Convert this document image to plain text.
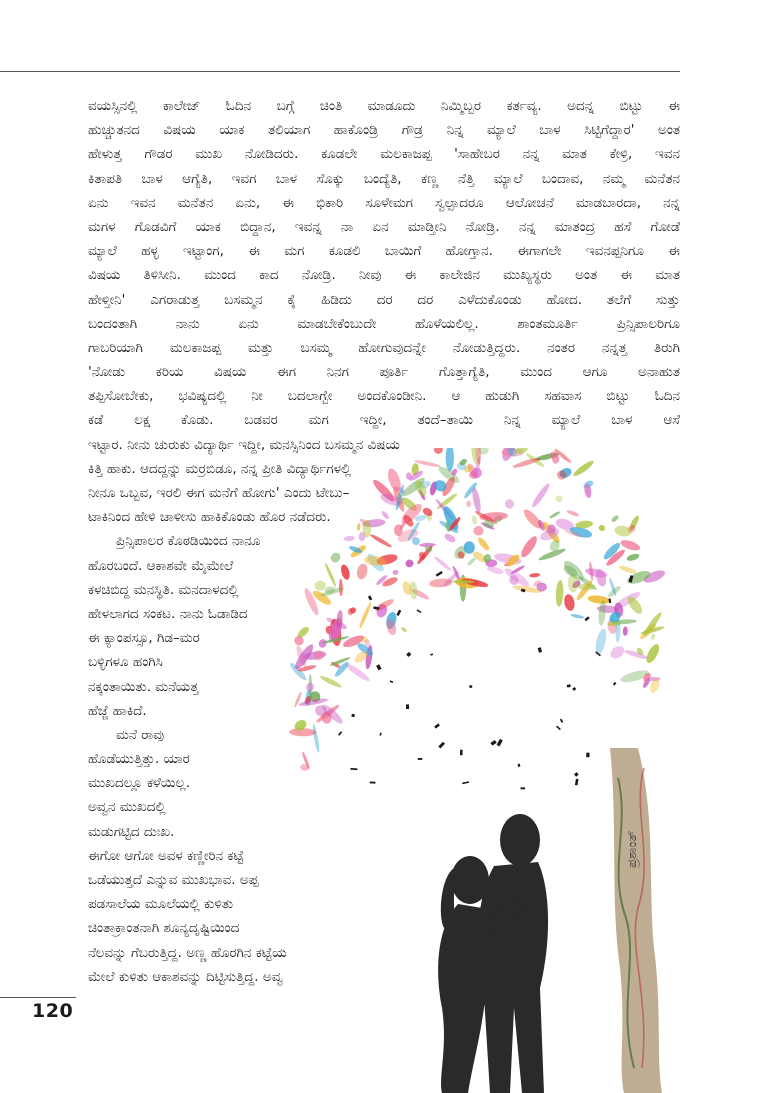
ವಯಸ್ಸಿನಲ್ಲಿ ಕಾಲೇಜ್ ಓದಿನ ಬಗ್ಗೆ ಚಿಂತಿ ಮಾಡೂದು ನಿಮ್ಮಿಬ್ಬರ ಕರ್ತವ್ಯ. ಅದನ್ನ ಬಿಟ್ಟು ಈ
ಹುಚ್ಚುತನದ ವಿಷಯ ಯಾಕ ತಲಿಯಾಗ ಹಾಕೊಂಡ್ರಿ ಗೌಡ್ರ ನಿನ್ನ ಮ್ಯಾಲೆ ಬಾಳ ಸಿಟ್ಟಿಗೆದ್ದಾರ' ಅಂತ
ಹೇಳುತ್ತ ಗೌಡರ ಮುಖ ನೋಡಿದರು. ಕೂಡಲೇ ಮಲಕಾಜಪ್ಪ 'ಸಾಹೇಬರ ನನ್ನ ಮಾತ ಕೇಳ್ರಿ, ಇವನ
ಕಿತಾಪತಿ ಬಾಳ ಆಗ್ಯೆತಿ, ಇವಗ ಬಾಳ ಸೊಕ್ಕು ಬಂದ್ಯೆತಿ, ಕಣ್ಣ ನೆತ್ತಿ ಮ್ಯಾಲೆ ಬಂದಾವ, ನಮ್ಮ ಮನೆತನ
ಏನು ಇವನ ಮನೆತನ ಏನು, ಈ ಭಿಕಾರಿ ಸೂಳೇಮಗ ಸ್ವಲ್ಪಾದರೂ ಆಲೋಚನೆ ಮಾಡಬಾರದಾ, ನನ್ನ
ಮಗಳ ಗೊಡವಿಗೆ ಯಾಕ ಬಿದ್ದಾನ, ಇವನ್ನ ನಾ ಏನ ಮಾಡ್ತೀನಿ ನೋಡ್ರಿ. ನನ್ನ ಮಾತಂದ್ರ ಹಸೆ ಗೋಡೆ
ಮ್ಯಾಲೆ ಹಳ್ಳ ಇಟ್ಟಾಂಗ, ಈ ಮಗ ಕೂಡಲಿ ಬಾಯಿಗೆ ಹೋಗ್ತಾನ. ಈಗಾಗಲೇ ಇವನಪ್ಪನಿಗೂ ಈ
ವಿಷಯ ತಿಳಿಸೀನಿ. ಮುಂದ ಕಾದ ನೋಡ್ರಿ. ನೀವು ಈ ಕಾಲೇಜಿನ ಮುಖ್ಯಸ್ಥರು ಅಂತ ಈ ಮಾತ
ಹೇಳ್ತೀನಿ' ಎಗರಾಡುತ್ತ ಬಸಮ್ಮನ ಕೈ ಹಿಡಿದು ದರ ದರ ಎಳೆದುಕೊಂಡು ಹೋದ. ತಲೆಗೆ ಸುತ್ತು
ಬಂದಂತಾಗಿ ನಾನು ಏನು ಮಾಡಬೇಕೆಂಬುದೇ ಹೊಳೆಯಲಿಲ್ಲ. ಶಾಂತಮೂರ್ತಿ ಪ್ರಿನ್ಸಿಪಾಲರಿಗೂ
ಗಾಬರಿಯಾಗಿ ಮಲಕಾಜಪ್ಪ ಮತ್ತು ಬಸಮ್ಮ ಹೋಗುವುದನ್ನೇ ನೋಡುತ್ತಿದ್ದರು. ನಂತರ ನನ್ನತ್ತ ತಿರುಗಿ
'ನೋಡು ಕರಿಯ ವಿಷಯ ಈಗ ನಿನಗ ಪೂರ್ತಿ ಗೊತ್ತಾಗ್ಯೆತಿ, ಮುಂದ ಆಗೂ ಅನಾಹುತ
ತಪ್ಪಿಸೋಬೇಕು, ಭವಿಷ್ಯದಲ್ಲಿ ನೀ ಬದಲಾಗ್ಬೇ ಅಂದಕೊಂಡೀನಿ. ಆ ಹುಡುಗಿ ಸಹವಾಸ ಬಿಟ್ಟು ಓದಿನ
ಕಡೆ ಲಕ್ಷ ಕೊಡು. ಬಡವರ ಮಗ ಇದ್ದೀ, ತಂದೆ–ತಾಯಿ ನಿನ್ನ ಮ್ಯಾಲೆ ಬಾಳ ಆಸೆ
ಇಟ್ಟಾರ. ನೀನು ಚುರುಕು ವಿದ್ಯಾರ್ಥಿ ಇದ್ದೀ, ಮನಸ್ಸಿನಿಂದ ಬಸಮ್ಮನ ವಿಷಯ
ಕಿತ್ತಿ ಹಾಕು. ಆದದ್ದನ್ನು ಮರ್ರಬಿಡೂ, ನನ್ನ ಪ್ರೀತಿ ವಿದ್ಯಾರ್ಥಿಗಳಲ್ಲಿ
ನೀನೂ ಒಬ್ಬವ, ಇರಲಿ ಈಗ ಮನೆಗೆ ಹೋಗು' ಎಂದು ಟೇಬು–
ಟಾಕಿನಿಂದ ಹೇಳಿ ಚಾಳೀಸು ಹಾಕಿಕೊಂಡು ಹೊರ ನಡೆದರು.
ಪ್ರಿನ್ಸಿಪಾಲರ ಕೊಠಡಿಯಿಂದ ನಾನೂ
ಹೊರಬಂದೆ. ಆಕಾಶವೇ ಮೈಮೇಲೆ
ಕಳಚಿಬಿದ್ದ ಮನಸ್ಥಿತಿ. ಮನದಾಳದಲ್ಲಿ
ಹೇಳಲಾಗದ ಸಂಕಟ. ನಾನು ಓಡಾಡಿದ
ಈ ಕ್ಯಾಂಪಸ್ಸೂ, ಗಿಡ–ಮರ
ಬಳ್ಳಿಗಳೂ ಹಂಗಿಸಿ
ನಕ್ಕಂತಾಯಿತು. ಮನೆಯತ್ತ
ಹೆಜ್ಜೆ ಹಾಕಿದೆ.
ಮನೆ ರಾವು
ಹೊಡೆಯುತ್ತಿತ್ತು. ಯಾರ
ಮುಖದಲ್ಲೂ ಕಳೆಯಿಲ್ಲ.
ಅವ್ವನ ಮುಖದಲ್ಲಿ
ಮಡುಗಟ್ಟಿದ ದುಃಖ.
ಈಗೋ ಆಗೋ ಅವಳ ಕಣ್ಣೀರಿನ ಕಟ್ಟೆ
ಒಡೆಯುತ್ತದೆ ಎನ್ನುವ ಮುಖಭಾವ. ಅಪ್ಪ
ಪಡಸಾಲೆಯ ಮೂಲೆಯಲ್ಲಿ ಕುಳಿತು
ಚಿಂತಾಕ್ರಾಂತನಾಗಿ ಶೂನ್ಯದೃಷ್ಟಿಯಿಂದ
ನೆಲವನ್ನು ಗೆಬರುತ್ತಿದ್ದ. ಅಣ್ಣ ಹೊರಗಿನ ಕಟ್ಟೆಯ
ಮೇಲೆ ಕುಳಿತು ಆಕಾಶವನ್ನು ದಿಟ್ಟಿಸುತ್ತಿದ್ದ. ಅವ್ವ
ಪ್ರಶಾಂತ್
120
